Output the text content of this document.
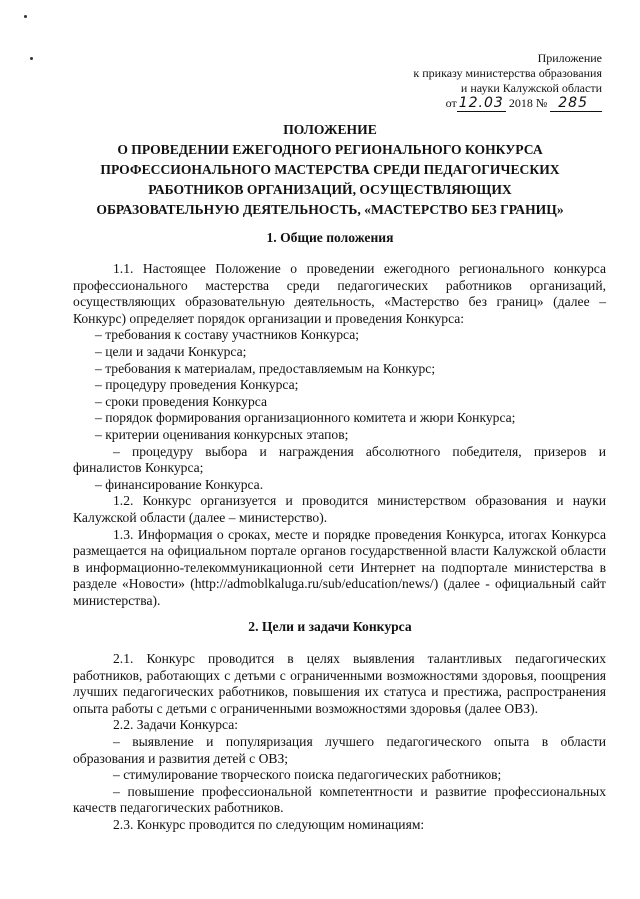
Приложение
к приказу министерства образования
и науки Калужской области
от 12.03 2018 № 285
ПОЛОЖЕНИЕ
О ПРОВЕДЕНИИ ЕЖЕГОДНОГО РЕГИОНАЛЬНОГО КОНКУРСА
ПРОФЕССИОНАЛЬНОГО МАСТЕРСТВА СРЕДИ ПЕДАГОГИЧЕСКИХ
РАБОТНИКОВ ОРГАНИЗАЦИЙ, ОСУЩЕСТВЛЯЮЩИХ
ОБРАЗОВАТЕЛЬНУЮ ДЕЯТЕЛЬНОСТЬ, «МАСТЕРСТВО БЕЗ ГРАНИЦ»
1. Общие положения

1.1. Настоящее Положение о проведении ежегодного регионального конкурса профессионального мастерства среди педагогических работников организаций, осуществляющих образовательную деятельность, «Мастерство без границ» (далее – Конкурс) определяет порядок организации и проведения Конкурса:

– требования к составу участников Конкурса;

– цели и задачи Конкурса;

– требования к материалам, предоставляемым на Конкурс;

– процедуру проведения Конкурса;

– сроки проведения Конкурса

– порядок формирования организационного комитета и жюри Конкурса;

– критерии оценивания конкурсных этапов;

– процедуру выбора и награждения абсолютного победителя, призеров и финалистов Конкурса;

– финансирование Конкурса.

1.2. Конкурс организуется и проводится министерством образования и науки Калужской области (далее – министерство).

1.3. Информация о сроках, месте и порядке проведения Конкурса, итогах Конкурса размещается на официальном портале органов государственной власти Калужской области в информационно-телекоммуникационной сети Интернет на подпортале министерства в разделе «Новости» (http://admoblkaluga.ru/sub/education/news/) (далее - официальный сайт министерства).

2. Цели и задачи Конкурса

2.1. Конкурс проводится в целях выявления талантливых педагогических работников, работающих с детьми с ограниченными возможностями здоровья, поощрения лучших педагогических работников, повышения их статуса и престижа, распространения опыта работы с детьми с ограниченными возможностями здоровья (далее ОВЗ).

2.2. Задачи Конкурса:

– выявление и популяризация лучшего педагогического опыта в области образования и развития детей с ОВЗ;

– стимулирование творческого поиска педагогических работников;

– повышение профессиональной компетентности и развитие профессиональных качеств педагогических работников.

2.3. Конкурс проводится по следующим номинациям:
